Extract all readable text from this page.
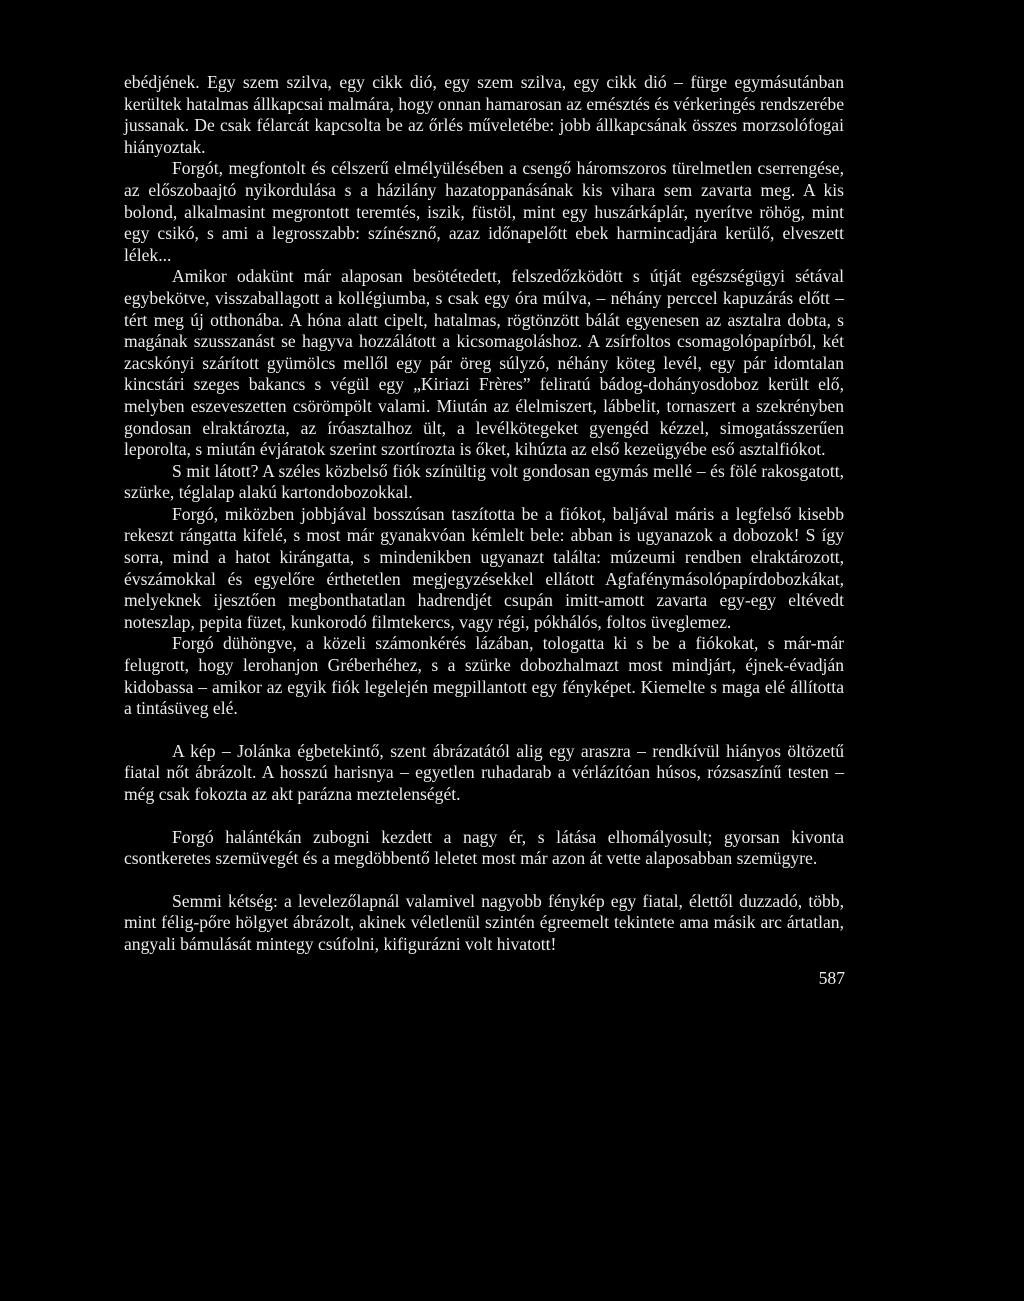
ebédjének. Egy szem szilva, egy cikk dió, egy szem szilva, egy cikk dió – fürge egymásutánban kerültek hatalmas állkapcsai malmára, hogy onnan hamarosan az emésztés és vérkeringés rendszerébe jussanak. De csak félarcát kapcsolta be az őrlés műveletébe: jobb állkapcsának összes morzsolófogai hiányoztak.

Forgót, megfontolt és célszerű elmélyülésében a csengő háromszoros türelmetlen cserrengése, az előszobaajtó nyikordulása s a házilány hazatoppanásának kis vihara sem zavarta meg. A kis bolond, alkalmasint megrontott teremtés, iszik, füstöl, mint egy huszárkáplár, nyerítve röhög, mint egy csikó, s ami a legrosszabb: színésznő, azaz időnapelőtt ebek harmincadjára kerülő, elveszett lélek...

Amikor odakünt már alaposan besötétedett, felszedőzködött s útját egészségügyi sétával egybekötve, visszaballagott a kollégiumba, s csak egy óra múlva, – néhány perccel kapuzárás előtt – tért meg új otthonába. A hóna alatt cipelt, hatalmas, rögtönzött bálát egyenesen az asztalra dobta, s magának szusszanást se hagyva hozzálátott a kicsomagoláshoz. A zsírfoltos csomagolópapírból, két zacskónyi szárított gyümölcs mellől egy pár öreg súlyzó, néhány köteg levél, egy pár idomtalan kincstári szeges bakancs s végül egy „Kiriazi Frères” feliratú bádog-dohányosdoboz került elő, melyben eszeveszetten csörömpölt valami. Miután az élelmiszert, lábbelit, tornaszert a szekrényben gondosan elraktározta, az íróasztalhoz ült, a levélkötegeket gyengéd kézzel, simogatásszerűen leporolta, s miután évjáratok szerint szortírozta is őket, kihúzta az első kezeügyébe eső asztalfiókot.

S mit látott? A széles közbelső fiók színültig volt gondosan egymás mellé – és fölé rakosgatott, szürke, téglalap alakú kartondobozokkal.

Forgó, miközben jobbjával bosszúsan taszította be a fiókot, baljával máris a legfelső kisebb rekeszt rángatta kifelé, s most már gyanakvóan kémlelt bele: abban is ugyanazok a dobozok! S így sorra, mind a hatot kirángatta, s mindenikben ugyanazt találta: múzeumi rendben elraktározott, évszámokkal és egyelőre érthetetlen megjegyzésekkel ellátott Agfafénymásolópapírdobozkákat, melyeknek ijesztően megbonthatatlan hadrendjét csupán imitt-amott zavarta egy-egy eltévedt noteszlap, pepita füzet, kunkorodó filmtekercs, vagy régi, pókhálós, foltos üveglemez.

Forgó dühöngve, a közeli számonkérés lázában, tologatta ki s be a fiókokat, s már-már felugrott, hogy lerohanjon Gréberhéhez, s a szürke dobozhalmazt most mindjárt, éjnek-évadján kidobassa – amikor az egyik fiók legelején megpillantott egy fényképet. Kiemelte s maga elé állította a tintásüveg elé.

A kép – Jolánka égbetekintő, szent ábrázatától alig egy araszra – rendkívül hiányos öltözetű fiatal nőt ábrázolt. A hosszú harisnya – egyetlen ruhadarab a vérlázítóan húsos, rózsaszínű testen – még csak fokozta az akt parázna meztelenségét.

Forgó halántékán zubogni kezdett a nagy ér, s látása elhomályosult; gyorsan kivonta csontkeretes szemüvegét és a megdöbbentő leletet most már azon át vette alaposabban szemügyre.

Semmi kétség: a levelezőlapnál valamivel nagyobb fénykép egy fiatal, élettől duzzadó, több, mint félig-pőre hölgyet ábrázolt, akinek véletlenül szintén égreemelt tekintete ama másik arc ártatlan, angyali bámulását mintegy csúfolni, kifigurázni volt hivatott!

587
